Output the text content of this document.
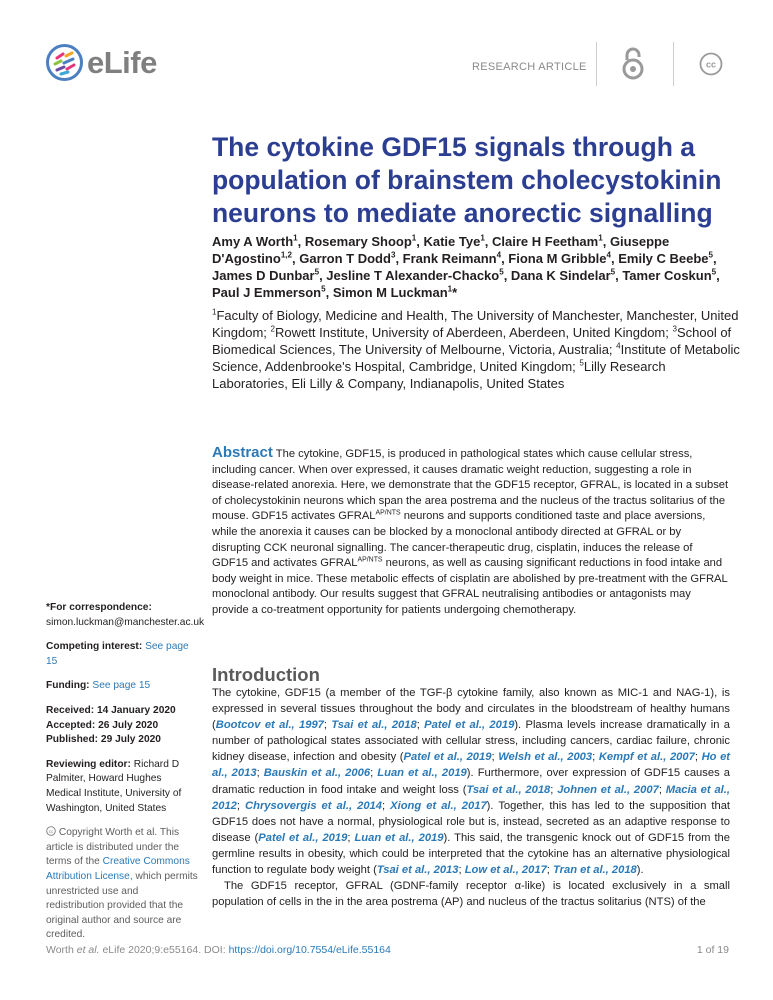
eLife	RESEARCH ARTICLE	cc
The cytokine GDF15 signals through a population of brainstem cholecystokinin neurons to mediate anorectic signalling

Amy A Worth$^1$, Rosemary Shoop$^1$, Katie Tye$^1$, Claire H Feetham$^1$, Giuseppe D'Agostino$^{1,2}$, Garron T Dodd$^3$, Frank Reimann$^4$, Fiona M Gribble$^4$, Emily C Beebe$^5$, James D Dunbar$^5$, Jesline T Alexander-Chacko$^5$, Dana K Sindelar$^5$, Tamer Coskun$^5$, Paul J Emmerson$^5$, Simon M Luckman$^1$*

$^1$Faculty of Biology, Medicine and Health, The University of Manchester, Manchester, United Kingdom; $^2$Rowett Institute, University of Aberdeen, Aberdeen, United Kingdom; $^3$School of Biomedical Sciences, The University of Melbourne, Victoria, Australia; $^4$Institute of Metabolic Science, Addenbrooke's Hospital, Cambridge, United Kingdom; $^5$Lilly Research Laboratories, Eli Lilly & Company, Indianapolis, United States

Abstract The cytokine, GDF15, is produced in pathological states which cause cellular stress, including cancer. When over expressed, it causes dramatic weight reduction, suggesting a role in disease-related anorexia. Here, we demonstrate that the GDF15 receptor, GFRAL, is located in a subset of cholecystokinin neurons which span the area postrema and the nucleus of the tractus solitarius of the mouse. GDF15 activates $GFRAL^{AP/NTS}$ neurons and supports conditioned taste and place aversions, while the anorexia it causes can be blocked by a monoclonal antibody directed at GFRAL or by disrupting CCK neuronal signalling. The cancer-therapeutic drug, cisplatin, induces the release of GDF15 and activates $GFRAL^{AP/NTS}$ neurons, as well as causing significant reductions in food intake and body weight in mice. These metabolic effects of cisplatin are abolished by pre-treatment with the GFRAL monoclonal antibody. Our results suggest that GFRAL neutralising antibodies or antagonists may provide a co-treatment opportunity for patients undergoing chemotherapy.

*For correspondence:
simon.luckman@manchester.ac.uk

Competing interest: See page 15

Funding: See page 15

Received: 14 January 2020
Accepted: 26 July 2020
Published: 29 July 2020

Reviewing editor: Richard D Palmiter, Howard Hughes Medical Institute, University of Washington, United States

cc Copyright Worth et al. This article is distributed under the terms of the Creative Commons Attribution License, which permits unrestricted use and redistribution provided that the original author and source are credited.

Introduction

The cytokine, GDF15 (a member of the TGF-β cytokine family, also known as MIC-1 and NAG-1), is expressed in several tissues throughout the body and circulates in the bloodstream of healthy humans (Bootcov et al., 1997; Tsai et al., 2018; Patel et al., 2019). Plasma levels increase dramatically in a number of pathological states associated with cellular stress, including cancers, cardiac failure, chronic kidney disease, infection and obesity (Patel et al., 2019; Welsh et al., 2003; Kempf et al., 2007; Ho et al., 2013; Bauskin et al., 2006; Luan et al., 2019). Furthermore, over expression of GDF15 causes a dramatic reduction in food intake and weight loss (Tsai et al., 2018; Johnen et al., 2007; Macia et al., 2012; Chrysovergis et al., 2014; Xiong et al., 2017). Together, this has led to the supposition that GDF15 does not have a normal, physiological role but is, instead, secreted as an adaptive response to disease (Patel et al., 2019; Luan et al., 2019). This said, the transgenic knock out of GDF15 from the germline results in obesity, which could be interpreted that the cytokine has an alternative physiological function to regulate body weight (Tsai et al., 2013; Low et al., 2017; Tran et al., 2018).

The GDF15 receptor, GFRAL (GDNF-family receptor α-like) is located exclusively in a small population of cells in the in the area postrema (AP) and nucleus of the tractus solitarius (NTS) of the

Worth et al. eLife 2020;9:e55164. DOI: https://doi.org/10.7554/eLife.55164	1 of 19
